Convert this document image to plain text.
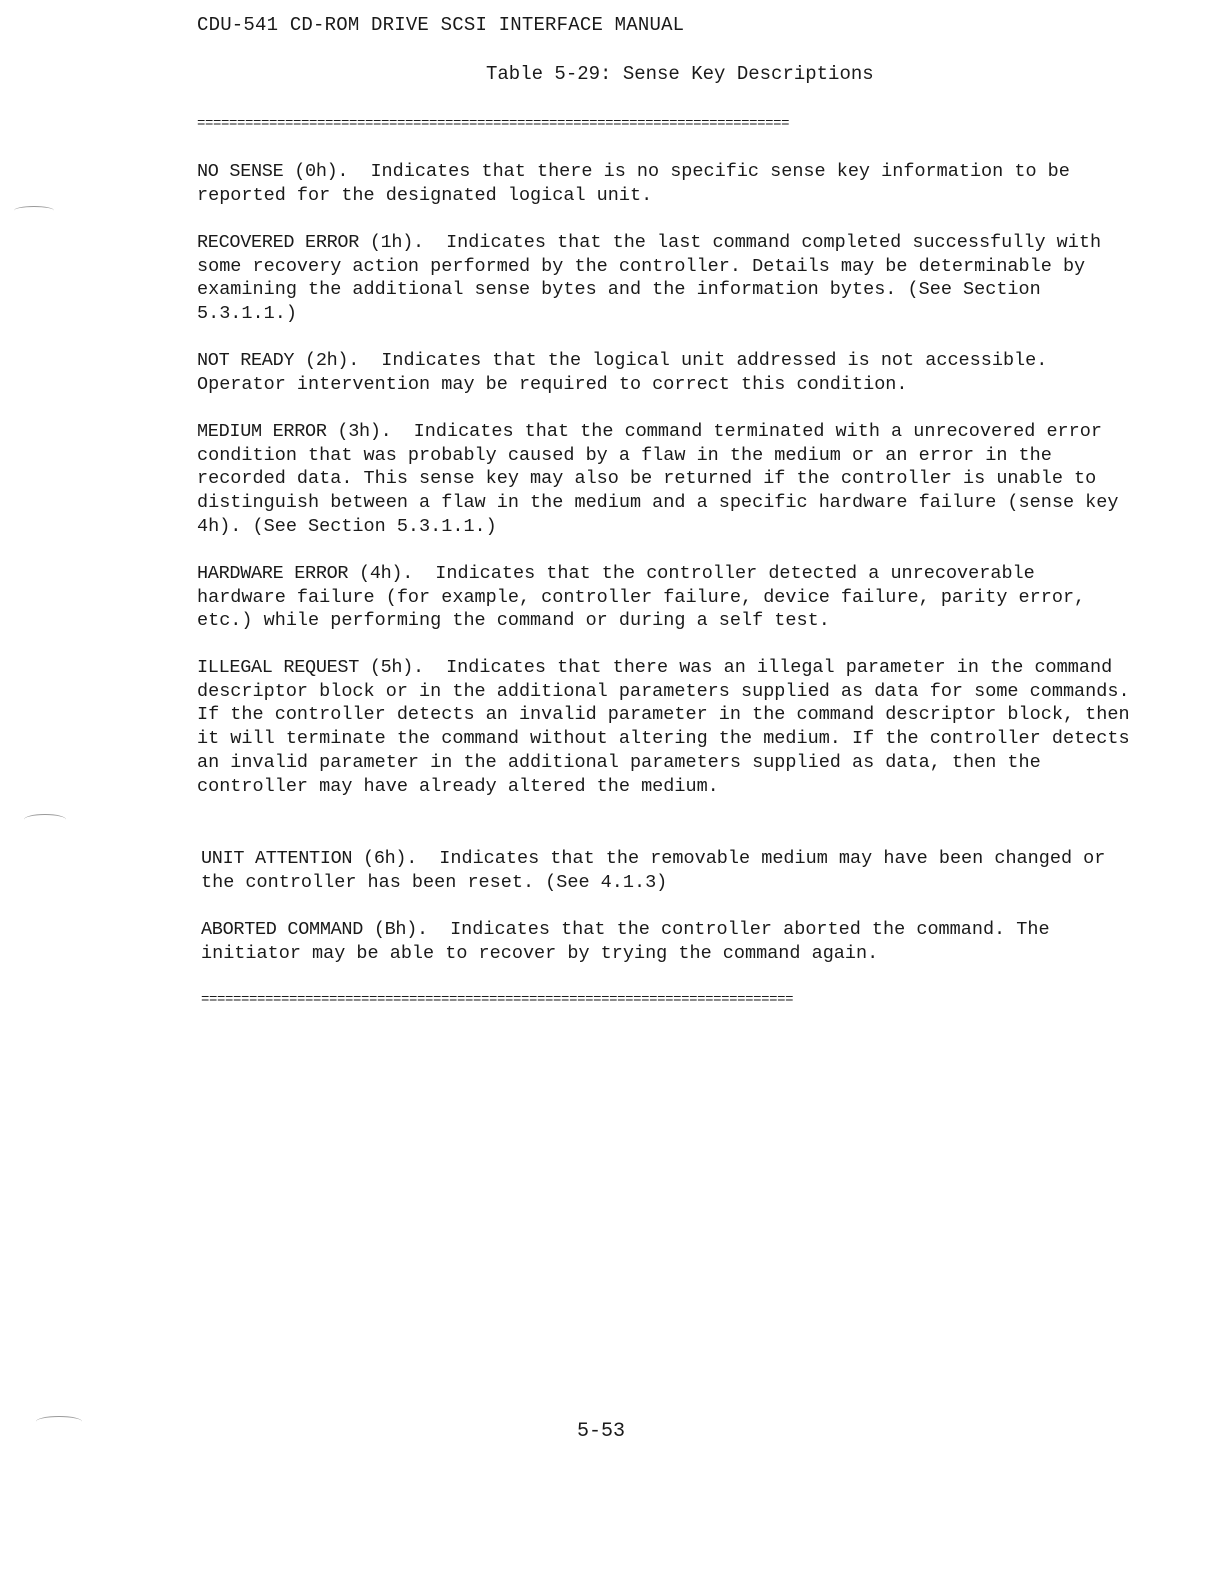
CDU-541 CD-ROM DRIVE SCSI INTERFACE MANUAL
Table 5-29: Sense Key Descriptions
==========================================================================

NO SENSE (0h). Indicates that there is no specific sense key information to be reported for the designated logical unit.

RECOVERED ERROR (1h). Indicates that the last command completed successfully with some recovery action performed by the controller. Details may be determinable by examining the additional sense bytes and the information bytes. (See Section 5.3.1.1.)

NOT READY (2h). Indicates that the logical unit addressed is not accessible. Operator intervention may be required to correct this condition.

MEDIUM ERROR (3h). Indicates that the command terminated with a unrecovered error condition that was probably caused by a flaw in the medium or an error in the recorded data. This sense key may also be returned if the controller is unable to distinguish between a flaw in the medium and a specific hardware failure (sense key 4h). (See Section 5.3.1.1.)

HARDWARE ERROR (4h). Indicates that the controller detected a unrecoverable hardware failure (for example, controller failure, device failure, parity error, etc.) while performing the command or during a self test.

ILLEGAL REQUEST (5h). Indicates that there was an illegal parameter in the command descriptor block or in the additional parameters supplied as data for some commands. If the controller detects an invalid parameter in the command descriptor block, then it will terminate the command without altering the medium. If the controller detects an invalid parameter in the additional parameters supplied as data, then the controller may have already altered the medium.

UNIT ATTENTION (6h). Indicates that the removable medium may have been changed or the controller has been reset. (See 4.1.3)

ABORTED COMMAND (Bh). Indicates that the controller aborted the command. The initiator may be able to recover by trying the command again.

==========================================================================
5-53
